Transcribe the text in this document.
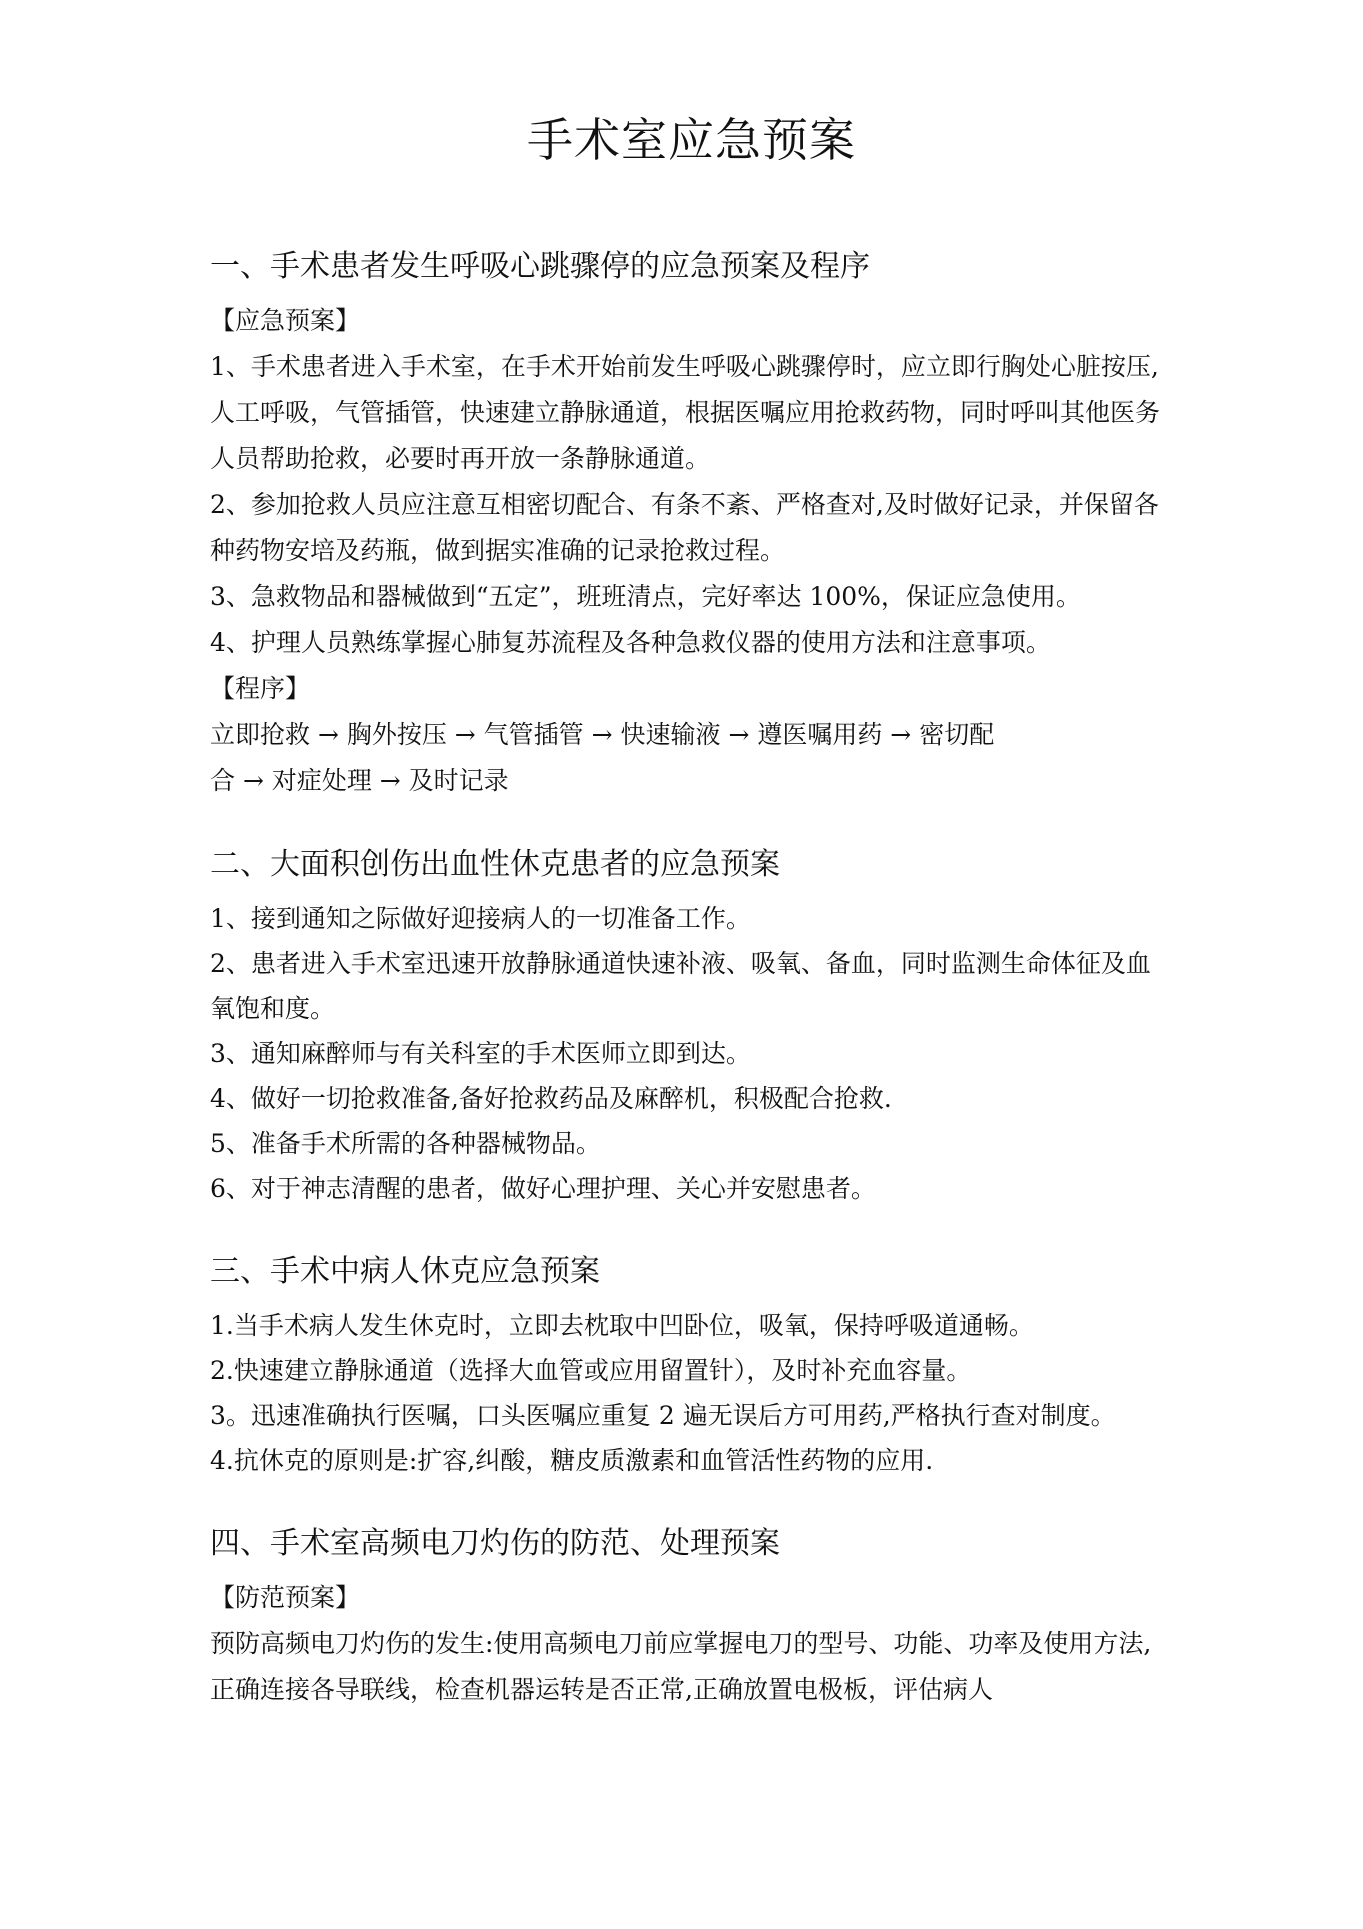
手术室应急预案
一、手术患者发生呼吸心跳骤停的应急预案及程序

【应急预案】

1、手术患者进入手术室，在手术开始前发生呼吸心跳骤停时，应立即行胸处心脏按压,人工呼吸，气管插管，快速建立静脉通道，根据医嘱应用抢救药物，同时呼叫其他医务人员帮助抢救，必要时再开放一条静脉通道。

2、参加抢救人员应注意互相密切配合、有条不紊、严格查对,及时做好记录，并保留各种药物安培及药瓶，做到据实准确的记录抢救过程。

3、急救物品和器械做到“五定”，班班清点，完好率达 100%，保证应急使用。

4、护理人员熟练掌握心肺复苏流程及各种急救仪器的使用方法和注意事项。

【程序】

立即抢救 → 胸外按压 → 气管插管 → 快速输液 → 遵医嘱用药 → 密切配

合 → 对症处理 → 及时记录

二、大面积创伤出血性休克患者的应急预案

1、接到通知之际做好迎接病人的一切准备工作。

2、患者进入手术室迅速开放静脉通道快速补液、吸氧、备血，同时监测生命体征及血氧饱和度。

3、通知麻醉师与有关科室的手术医师立即到达。

4、做好一切抢救准备,备好抢救药品及麻醉机，积极配合抢救.

5、准备手术所需的各种器械物品。

6、对于神志清醒的患者，做好心理护理、关心并安慰患者。

三、手术中病人休克应急预案

1.当手术病人发生休克时，立即去枕取中凹卧位，吸氧，保持呼吸道通畅。

2.快速建立静脉通道（选择大血管或应用留置针），及时补充血容量。

3。迅速准确执行医嘱，口头医嘱应重复 2 遍无误后方可用药,严格执行查对制度。

4.抗休克的原则是:扩容,纠酸，糖皮质激素和血管活性药物的应用.

四、手术室高频电刀灼伤的防范、处理预案

【防范预案】

预防高频电刀灼伤的发生:使用高频电刀前应掌握电刀的型号、功能、功率及使用方法,正确连接各导联线，检查机器运转是否正常,正确放置电极板，评估病人
